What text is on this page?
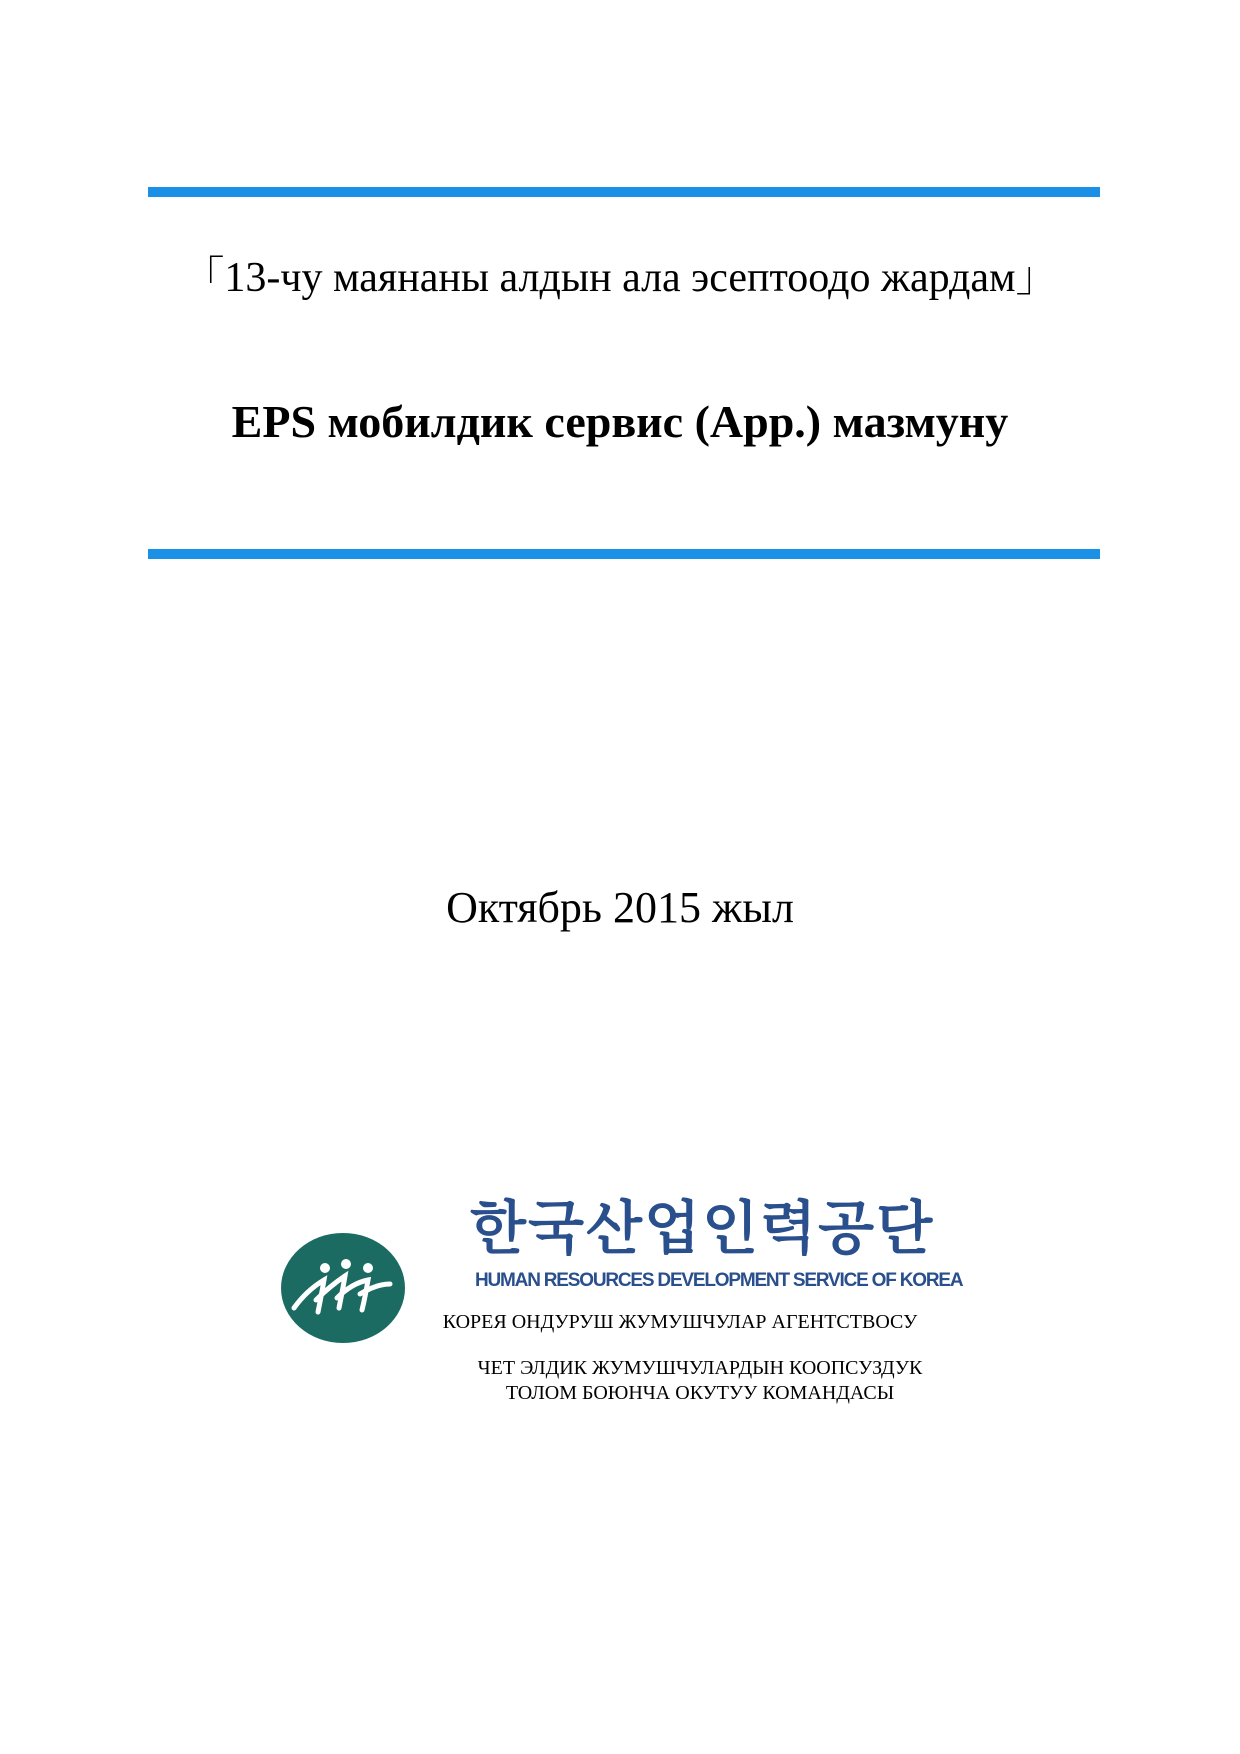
「13-чу маянаны алдын ала эсептоодо жардам」
EPS мобилдик сервис (App.) мазмуну
Октябрь 2015 жыл
한국산업인력공단
HUMAN RESOURCES DEVELOPMENT SERVICE OF KOREA
КОРЕЯ ОНДУРУШ ЖУМУШЧУЛАР АГЕНТСТВОСУ
ЧЕТ ЭЛДИК ЖУМУШЧУЛАРДЫН КООПСУЗДУК
ТОЛОМ БОЮНЧА ОКУТУУ КОМАНДАСЫ
